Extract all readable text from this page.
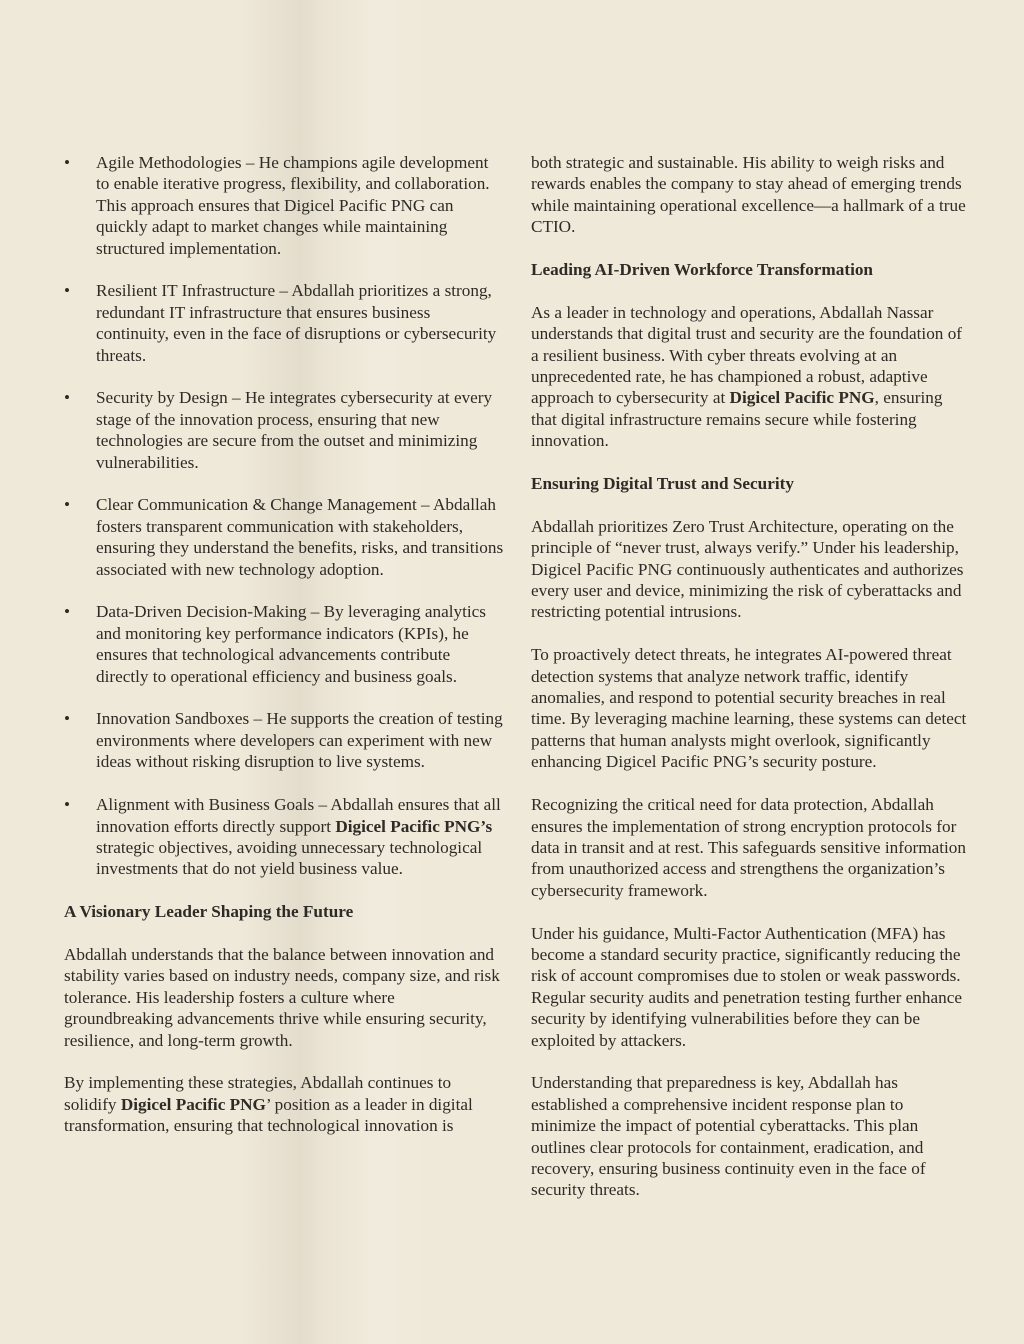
• Agile Methodologies – He champions agile development to enable iterative progress, flexibility, and collaboration. This approach ensures that Digicel Pacific PNG can quickly adapt to market changes while maintaining structured implementation.
• Resilient IT Infrastructure – Abdallah prioritizes a strong, redundant IT infrastructure that ensures business continuity, even in the face of disruptions or cybersecurity threats.
• Security by Design – He integrates cybersecurity at every stage of the innovation process, ensuring that new technologies are secure from the outset and minimizing vulnerabilities.
• Clear Communication & Change Management – Abdallah fosters transparent communication with stakeholders, ensuring they understand the benefits, risks, and transitions associated with new technology adoption.
• Data-Driven Decision-Making – By leveraging analytics and monitoring key performance indicators (KPIs), he ensures that technological advancements contribute directly to operational efficiency and business goals.
• Innovation Sandboxes – He supports the creation of testing environments where developers can experiment with new ideas without risking disruption to live systems.
• Alignment with Business Goals – Abdallah ensures that all innovation efforts directly support Digicel Pacific PNG’s strategic objectives, avoiding unnecessary technological investments that do not yield business value.
A Visionary Leader Shaping the Future

Abdallah understands that the balance between innovation and stability varies based on industry needs, company size, and risk tolerance. His leadership fosters a culture where groundbreaking advancements thrive while ensuring security, resilience, and long-term growth.

By implementing these strategies, Abdallah continues to solidify Digicel Pacific PNG’ position as a leader in digital transformation, ensuring that technological innovation is

both strategic and sustainable. His ability to weigh risks and rewards enables the company to stay ahead of emerging trends while maintaining operational excellence—a hallmark of a true CTIO.

Leading AI-Driven Workforce Transformation

As a leader in technology and operations, Abdallah Nassar understands that digital trust and security are the foundation of a resilient business. With cyber threats evolving at an unprecedented rate, he has championed a robust, adaptive approach to cybersecurity at Digicel Pacific PNG, ensuring that digital infrastructure remains secure while fostering innovation.

Ensuring Digital Trust and Security

Abdallah prioritizes Zero Trust Architecture, operating on the principle of “never trust, always verify.” Under his leadership, Digicel Pacific PNG continuously authenticates and authorizes every user and device, minimizing the risk of cyberattacks and restricting potential intrusions.

To proactively detect threats, he integrates AI-powered threat detection systems that analyze network traffic, identify anomalies, and respond to potential security breaches in real time. By leveraging machine learning, these systems can detect patterns that human analysts might overlook, significantly enhancing Digicel Pacific PNG’s security posture.

Recognizing the critical need for data protection, Abdallah ensures the implementation of strong encryption protocols for data in transit and at rest. This safeguards sensitive information from unauthorized access and strengthens the organization’s cybersecurity framework.

Under his guidance, Multi-Factor Authentication (MFA) has become a standard security practice, significantly reducing the risk of account compromises due to stolen or weak passwords. Regular security audits and penetration testing further enhance security by identifying vulnerabilities before they can be exploited by attackers.

Understanding that preparedness is key, Abdallah has established a comprehensive incident response plan to minimize the impact of potential cyberattacks. This plan outlines clear protocols for containment, eradication, and recovery, ensuring business continuity even in the face of security threats.
